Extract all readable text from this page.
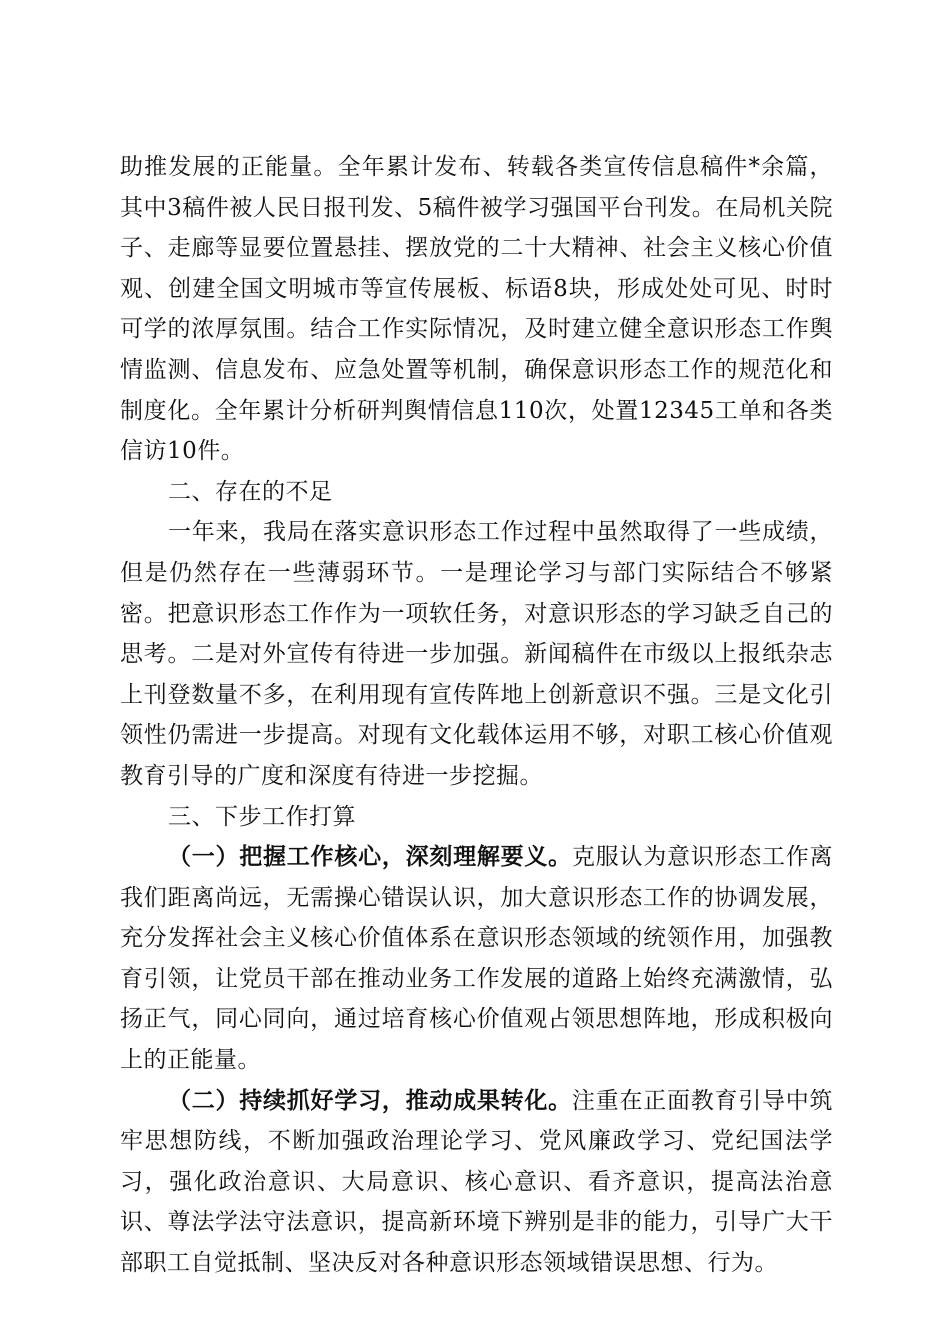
助推发展的正能量。全年累计发布、转载各类宣传信息稿件*余篇，其中3稿件被人民日报刊发、5稿件被学习强国平台刊发。在局机关院子、走廊等显要位置悬挂、摆放党的二十大精神、社会主义核心价值观、创建全国文明城市等宣传展板、标语8块，形成处处可见、时时可学的浓厚氛围。结合工作实际情况，及时建立健全意识形态工作舆情监测、信息发布、应急处置等机制，确保意识形态工作的规范化和制度化。全年累计分析研判舆情信息110次，处置12345工单和各类信访10件。

二、存在的不足

一年来，我局在落实意识形态工作过程中虽然取得了一些成绩，但是仍然存在一些薄弱环节。一是理论学习与部门实际结合不够紧密。把意识形态工作作为一项软任务，对意识形态的学习缺乏自己的思考。二是对外宣传有待进一步加强。新闻稿件在市级以上报纸杂志上刊登数量不多，在利用现有宣传阵地上创新意识不强。三是文化引领性仍需进一步提高。对现有文化载体运用不够，对职工核心价值观教育引导的广度和深度有待进一步挖掘。

三、下步工作打算

（一）把握工作核心，深刻理解要义。克服认为意识形态工作离我们距离尚远，无需操心错误认识，加大意识形态工作的协调发展，充分发挥社会主义核心价值体系在意识形态领域的统领作用，加强教育引领，让党员干部在推动业务工作发展的道路上始终充满激情，弘扬正气，同心同向，通过培育核心价值观占领思想阵地，形成积极向上的正能量。

（二）持续抓好学习，推动成果转化。注重在正面教育引导中筑牢思想防线，不断加强政治理论学习、党风廉政学习、党纪国法学习，强化政治意识、大局意识、核心意识、看齐意识，提高法治意识、尊法学法守法意识，提高新环境下辨别是非的能力，引导广大干部职工自觉抵制、坚决反对各种意识形态领域错误思想、行为。
